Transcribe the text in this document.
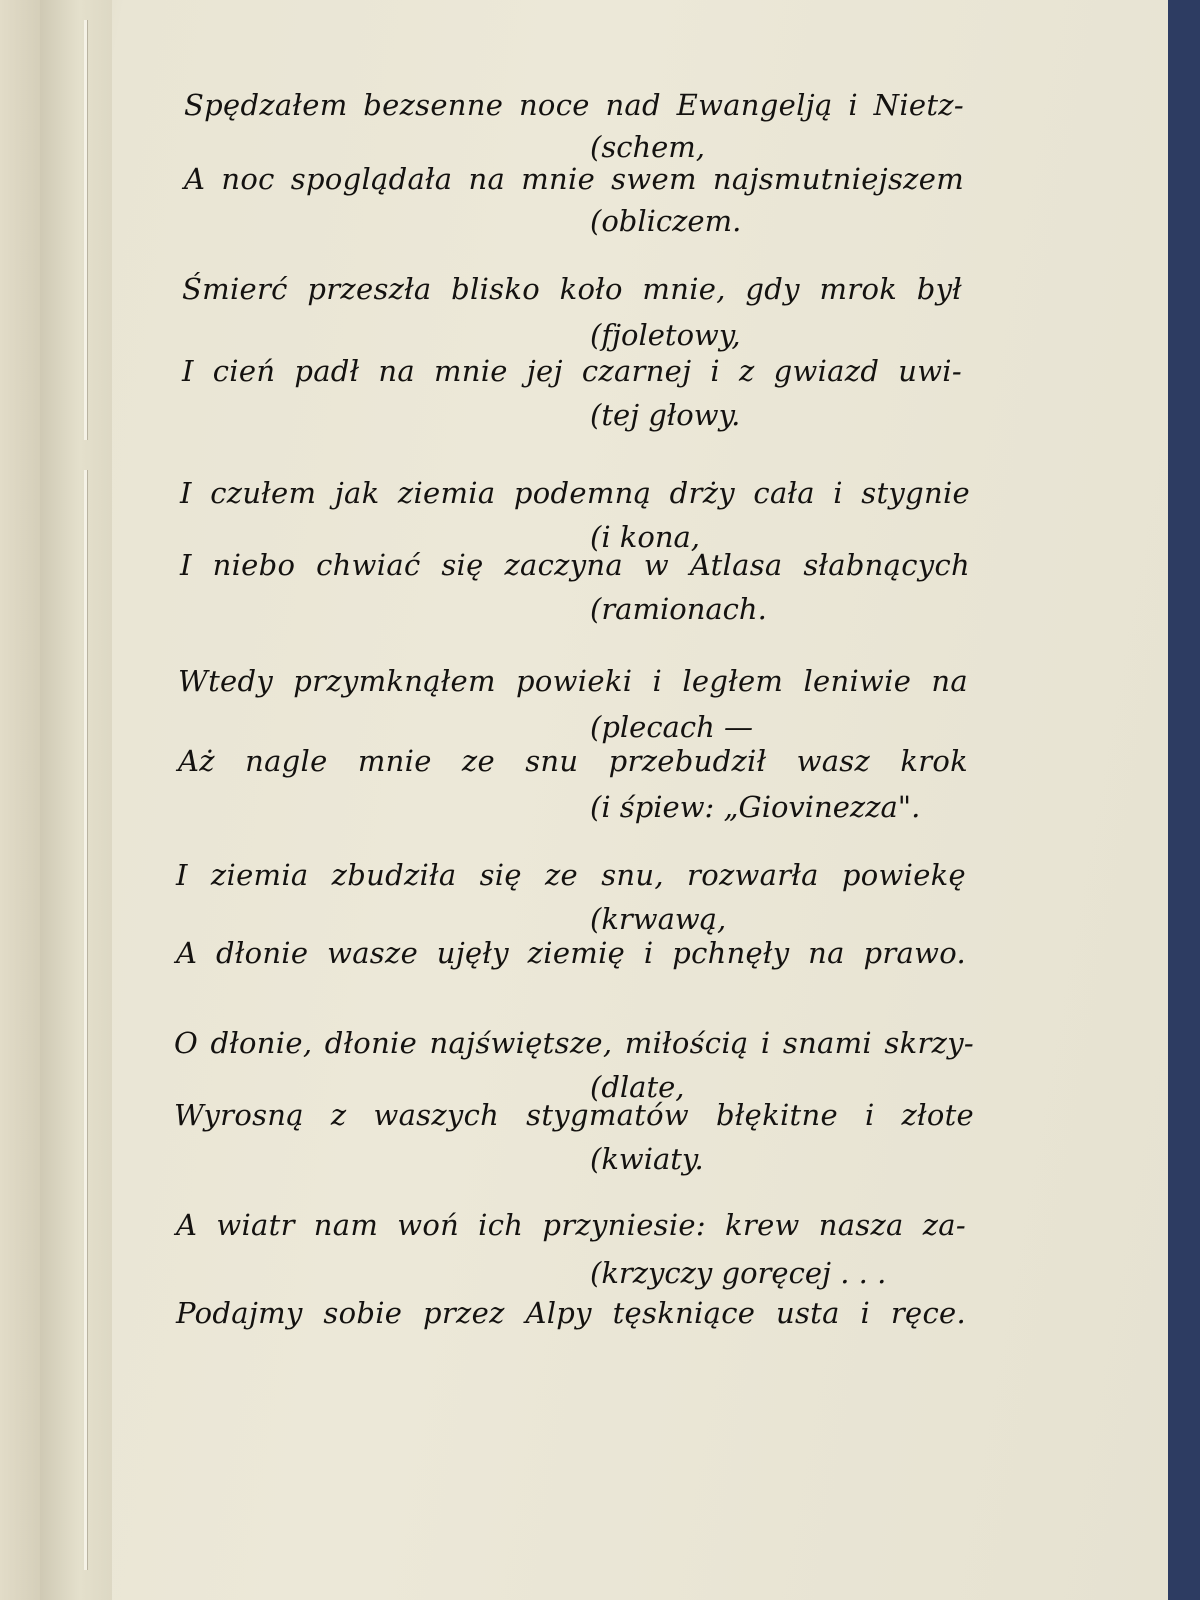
Spędzałem bezsenne noce nad Ewangelją i Nietz-
(schem,
A noc spoglądała na mnie swem najsmutniejszem
(obliczem.
Śmierć przeszła blisko koło mnie, gdy mrok był
(fjoletowy,
I cień padł na mnie jej czarnej i z gwiazd uwi-
(tej głowy.
I czułem jak ziemia podemną drży cała i stygnie
(i kona,
I niebo chwiać się zaczyna w Atlasa słabnących
(ramionach.
Wtedy przymknąłem powieki i ległem leniwie na
(plecach —
Aż nagle mnie ze snu przebudził wasz krok
(i śpiew: „Giovinezza".
I ziemia zbudziła się ze snu, rozwarła powiekę
(krwawą,
A dłonie wasze ujęły ziemię i pchnęły na prawo.
O dłonie, dłonie najświętsze, miłością i snami skrzy-
(dlate,
Wyrosną z waszych stygmatów błękitne i złote
(kwiaty.
A wiatr nam woń ich przyniesie: krew nasza za-
(krzyczy goręcej . . .
Podajmy sobie przez Alpy tęskniące usta i ręce.
